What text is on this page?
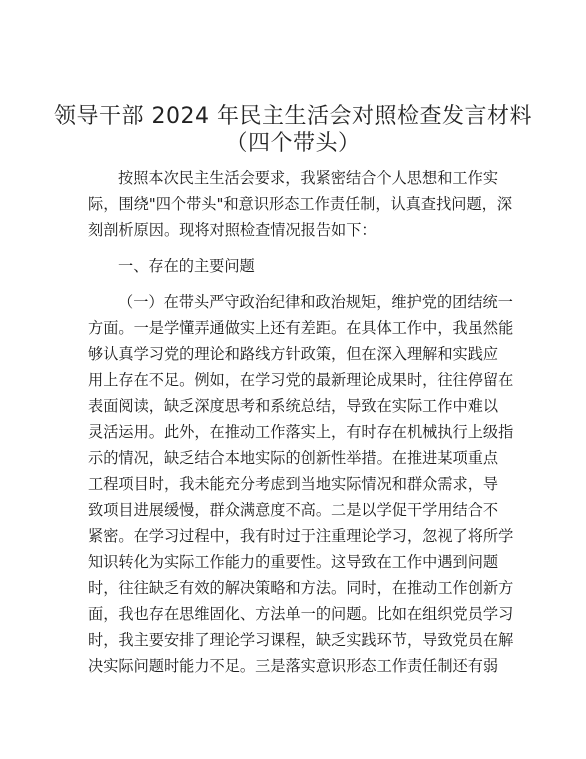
领导干部 2024 年民主生活会对照检查发言材料
（四个带头）
按照本次民主生活会要求，我紧密结合个人思想和工作实
际，围绕"四个带头"和意识形态工作责任制，认真查找问题，深
刻剖析原因。现将对照检查情况报告如下：
一、存在的主要问题
（一）在带头严守政治纪律和政治规矩，维护党的团结统一
方面。一是学懂弄通做实上还有差距。在具体工作中，我虽然能
够认真学习党的理论和路线方针政策，但在深入理解和实践应
用上存在不足。例如，在学习党的最新理论成果时，往往停留在
表面阅读，缺乏深度思考和系统总结，导致在实际工作中难以
灵活运用。此外，在推动工作落实上，有时存在机械执行上级指
示的情况，缺乏结合本地实际的创新性举措。在推进某项重点
工程项目时，我未能充分考虑到当地实际情况和群众需求，导
致项目进展缓慢，群众满意度不高。二是以学促干学用结合不
紧密。在学习过程中，我有时过于注重理论学习，忽视了将所学
知识转化为实际工作能力的重要性。这导致在工作中遇到问题
时，往往缺乏有效的解决策略和方法。同时，在推动工作创新方
面，我也存在思维固化、方法单一的问题。比如在组织党员学习
时，我主要安排了理论学习课程，缺乏实践环节，导致党员在解
决实际问题时能力不足。三是落实意识形态工作责任制还有弱
